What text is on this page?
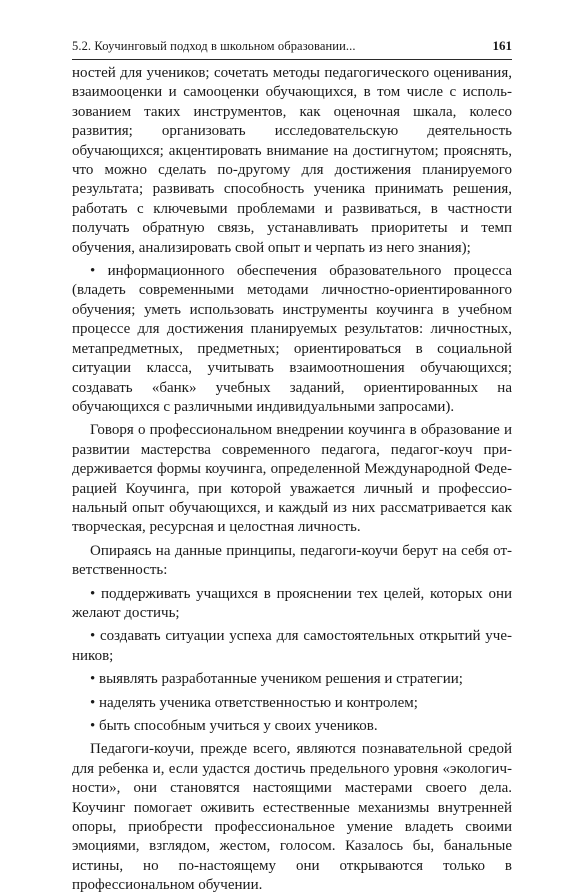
5.2. Коучинговый подход в школьном образовании...	161

ностей для учеников; сочетать методы педагогического оценивания, взаимооценки и самооценки обучающихся, в том числе с использованием таких инструментов, как оценочная шкала, колесо развития; организовать исследовательскую деятельность обучающихся; акцентировать внимание на достигнутом; прояснять, что можно сделать по-другому для достижения планируемого результата; развивать способность ученика принимать решения, работать с ключевыми проблемами и развиваться, в частности получать обратную связь, устанавливать приоритеты и темп обучения, анализировать свой опыт и черпать из него знания);

• информационного обеспечения образовательного процесса (владеть современными методами личностно-ориентированного обучения; уметь использовать инструменты коучинга в учебном процессе для достижения планируемых результатов: личностных, метапредметных, предметных; ориентироваться в социальной ситуации класса, учитывать взаимоотношения обучающихся; создавать «банк» учебных заданий, ориентированных на обучающихся с различными индивидуальными запросами).

Говоря о профессиональном внедрении коучинга в образование и развитии мастерства современного педагога, педагог-коуч придерживается формы коучинга, определенной Международной Федерацией Коучинга, при которой уважается личный и профессиональный опыт обучающихся, и каждый из них рассматривается как творческая, ресурсная и целостная личность.

Опираясь на данные принципы, педагоги-коучи берут на себя ответственность:

• поддерживать учащихся в прояснении тех целей, которых они желают достичь;

• создавать ситуации успеха для самостоятельных открытий учеников;

• выявлять разработанные учеником решения и стратегии;

• наделять ученика ответственностью и контролем;

• быть способным учиться у своих учеников.

Педагоги-коучи, прежде всего, являются познавательной средой для ребенка и, если удастся достичь предельного уровня «экологичности», они становятся настоящими мастерами своего дела. Коучинг помогает оживить естественные механизмы внутренней опоры, приобрести профессиональное умение владеть своими эмоциями, взглядом, жестом, голосом. Казалось бы, банальные истины, но по-настоящему они открываются только в профессиональном обучении.
